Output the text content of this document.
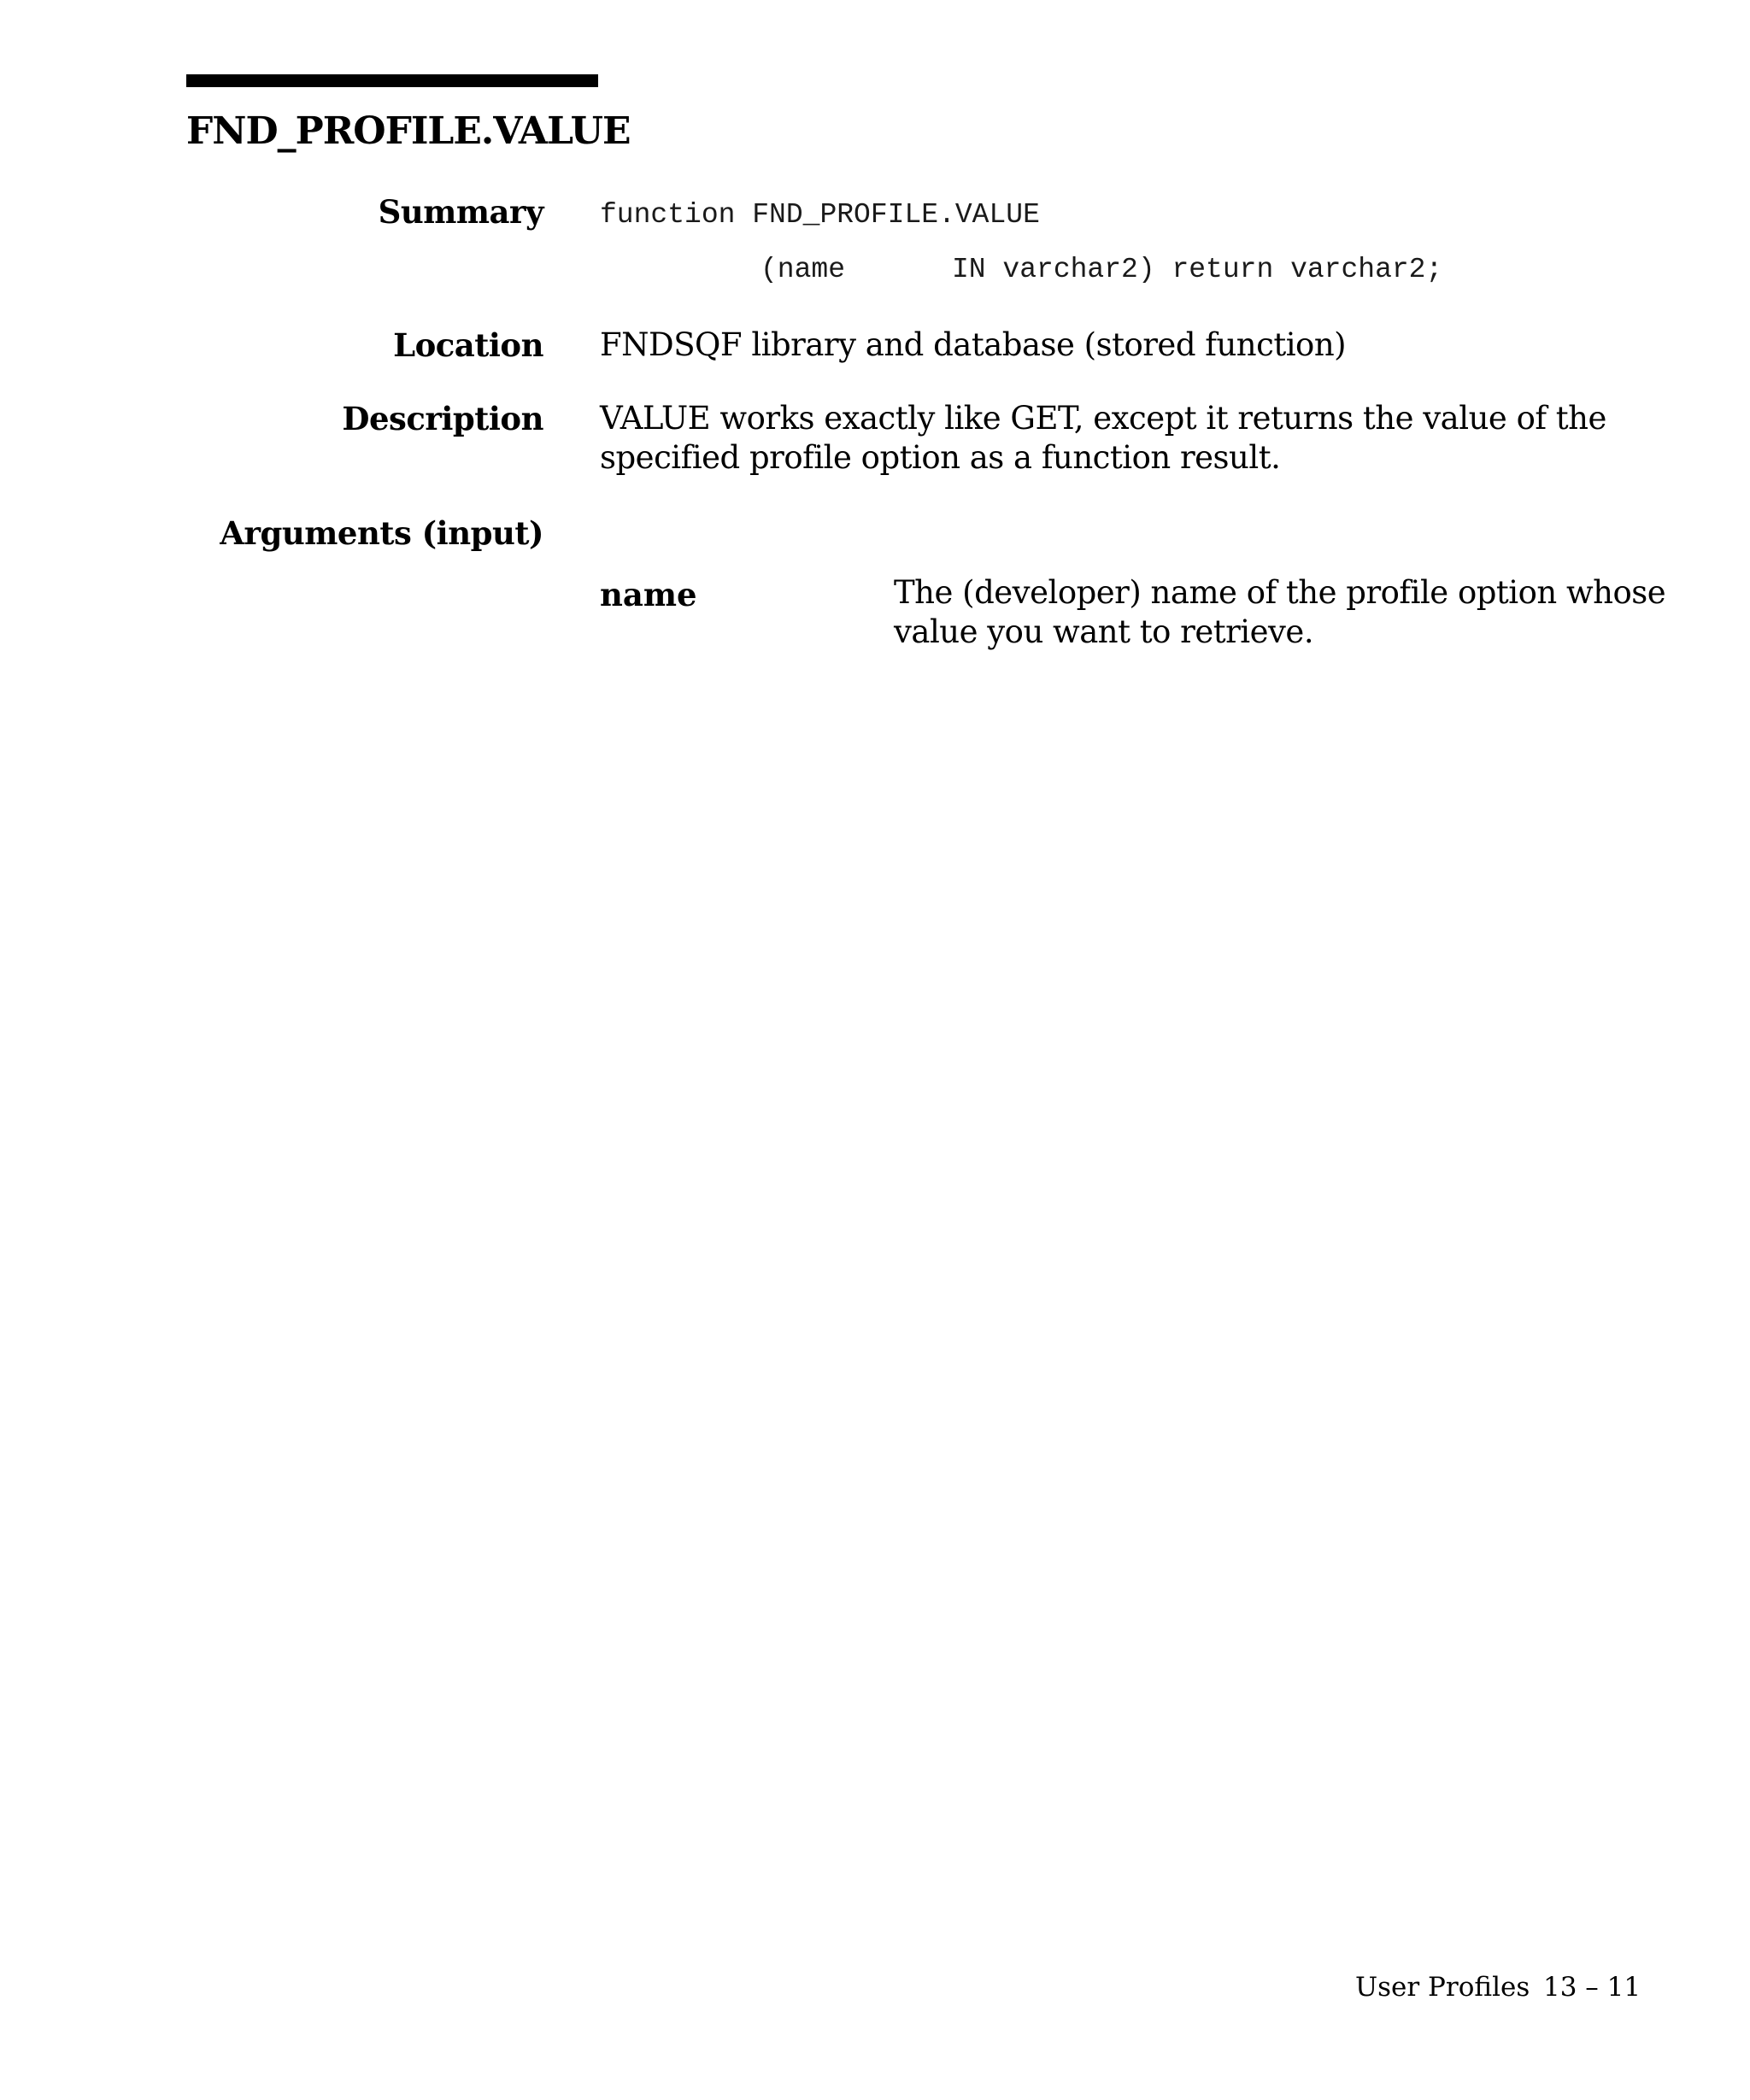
FND_PROFILE.VALUE
Summary function FND_PROFILE.VALUE
(name	IN varchar2) return varchar2;
Location FNDSQF library and database (stored function)
Description VALUE works exactly like GET, except it returns the value of the
specified profile option as a function result.
Arguments (input)
name	The (developer) name of the profile option whose
value you want to retrieve.
User Profiles 13 – 11
